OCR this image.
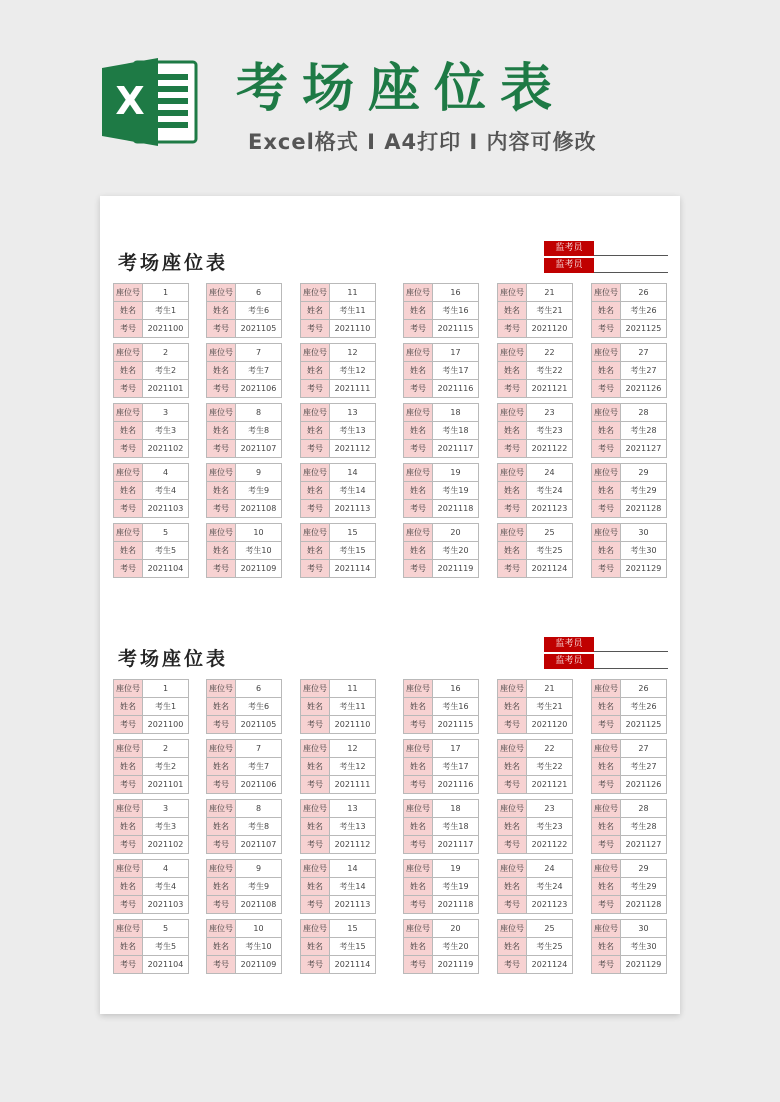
X 考场座位表
Excel格式 I A4打印 I 内容可修改
考场座位表
监考员
监考员
座位号	1
姓名	考生1
考号	2021100
座位号	2
姓名	考生2
考号	2021101
座位号	3
姓名	考生3
考号	2021102
座位号	4
姓名	考生4
考号	2021103
座位号	5
姓名	考生5
考号	2021104
座位号	6
姓名	考生6
考号	2021105
座位号	7
姓名	考生7
考号	2021106
座位号	8
姓名	考生8
考号	2021107
座位号	9
姓名	考生9
考号	2021108
座位号	10
姓名	考生10
考号	2021109
座位号	11
姓名	考生11
考号	2021110
座位号	12
姓名	考生12
考号	2021111
座位号	13
姓名	考生13
考号	2021112
座位号	14
姓名	考生14
考号	2021113
座位号	15
姓名	考生15
考号	2021114
座位号	16
姓名	考生16
考号	2021115
座位号	17
姓名	考生17
考号	2021116
座位号	18
姓名	考生18
考号	2021117
座位号	19
姓名	考生19
考号	2021118
座位号	20
姓名	考生20
考号	2021119
座位号	21
姓名	考生21
考号	2021120
座位号	22
姓名	考生22
考号	2021121
座位号	23
姓名	考生23
考号	2021122
座位号	24
姓名	考生24
考号	2021123
座位号	25
姓名	考生25
考号	2021124
座位号	26
姓名	考生26
考号	2021125
座位号	27
姓名	考生27
考号	2021126
座位号	28
姓名	考生28
考号	2021127
座位号	29
姓名	考生29
考号	2021128
座位号	30
姓名	考生30
考号	2021129
考场座位表
监考员
监考员
座位号	1
姓名	考生1
考号	2021100
座位号	2
姓名	考生2
考号	2021101
座位号	3
姓名	考生3
考号	2021102
座位号	4
姓名	考生4
考号	2021103
座位号	5
姓名	考生5
考号	2021104
座位号	6
姓名	考生6
考号	2021105
座位号	7
姓名	考生7
考号	2021106
座位号	8
姓名	考生8
考号	2021107
座位号	9
姓名	考生9
考号	2021108
座位号	10
姓名	考生10
考号	2021109
座位号	11
姓名	考生11
考号	2021110
座位号	12
姓名	考生12
考号	2021111
座位号	13
姓名	考生13
考号	2021112
座位号	14
姓名	考生14
考号	2021113
座位号	15
姓名	考生15
考号	2021114
座位号	16
姓名	考生16
考号	2021115
座位号	17
姓名	考生17
考号	2021116
座位号	18
姓名	考生18
考号	2021117
座位号	19
姓名	考生19
考号	2021118
座位号	20
姓名	考生20
考号	2021119
座位号	21
姓名	考生21
考号	2021120
座位号	22
姓名	考生22
考号	2021121
座位号	23
姓名	考生23
考号	2021122
座位号	24
姓名	考生24
考号	2021123
座位号	25
姓名	考生25
考号	2021124
座位号	26
姓名	考生26
考号	2021125
座位号	27
姓名	考生27
考号	2021126
座位号	28
姓名	考生28
考号	2021127
座位号	29
姓名	考生29
考号	2021128
座位号	30
姓名	考生30
考号	2021129
